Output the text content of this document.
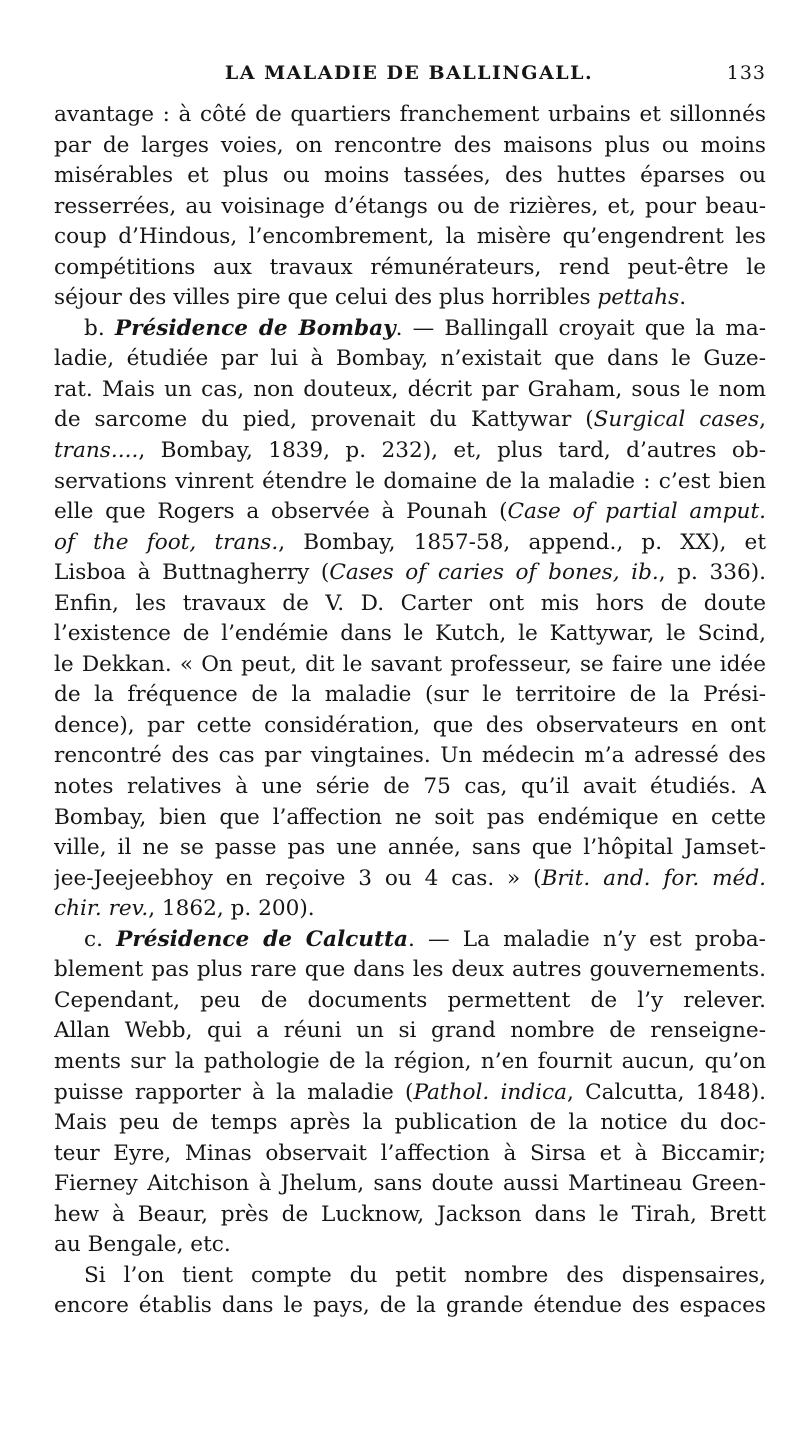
LA MALADIE DE BALLINGALL.	133
avantage : à côté de quartiers franchement urbains et sillonnés
par de larges voies, on rencontre des maisons plus ou moins
misérables et plus ou moins tassées, des huttes éparses ou
resserrées, au voisinage d’étangs ou de rizières, et, pour beau-
coup d’Hindous, l’encombrement, la misère qu’engendrent les
compétitions aux travaux rémunérateurs, rend peut-être le
séjour des villes pire que celui des plus horribles pettahs.
b. Présidence de Bombay. — Ballingall croyait que la ma-
ladie, étudiée par lui à Bombay, n’existait que dans le Guze-
rat. Mais un cas, non douteux, décrit par Graham, sous le nom
de sarcome du pied, provenait du Kattywar (Surgical cases,
trans...., Bombay, 1839, p. 232), et, plus tard, d’autres ob-
servations vinrent étendre le domaine de la maladie : c’est bien
elle que Rogers a observée à Pounah (Case of partial amput.
of the foot, trans., Bombay, 1857-58, append., p. XX), et
Lisboa à Buttnagherry (Cases of caries of bones, ib., p. 336).
Enfin, les travaux de V. D. Carter ont mis hors de doute
l’existence de l’endémie dans le Kutch, le Kattywar, le Scind,
le Dekkan. « On peut, dit le savant professeur, se faire une idée
de la fréquence de la maladie (sur le territoire de la Prési-
dence), par cette considération, que des observateurs en ont
rencontré des cas par vingtaines. Un médecin m’a adressé des
notes relatives à une série de 75 cas, qu’il avait étudiés. A
Bombay, bien que l’affection ne soit pas endémique en cette
ville, il ne se passe pas une année, sans que l’hôpital Jamset-
jee-Jeejeebhoy en reçoive 3 ou 4 cas. » (Brit. and. for. méd.
chir. rev., 1862, p. 200).
c. Présidence de Calcutta. — La maladie n’y est proba-
blement pas plus rare que dans les deux autres gouvernements.
Cependant, peu de documents permettent de l’y relever.
Allan Webb, qui a réuni un si grand nombre de renseigne-
ments sur la pathologie de la région, n’en fournit aucun, qu’on
puisse rapporter à la maladie (Pathol. indica, Calcutta, 1848).
Mais peu de temps après la publication de la notice du doc-
teur Eyre, Minas observait l’affection à Sirsa et à Biccamir;
Fierney Aitchison à Jhelum, sans doute aussi Martineau Green-
hew à Beaur, près de Lucknow, Jackson dans le Tirah, Brett
au Bengale, etc.
Si l’on tient compte du petit nombre des dispensaires,
encore établis dans le pays, de la grande étendue des espaces
